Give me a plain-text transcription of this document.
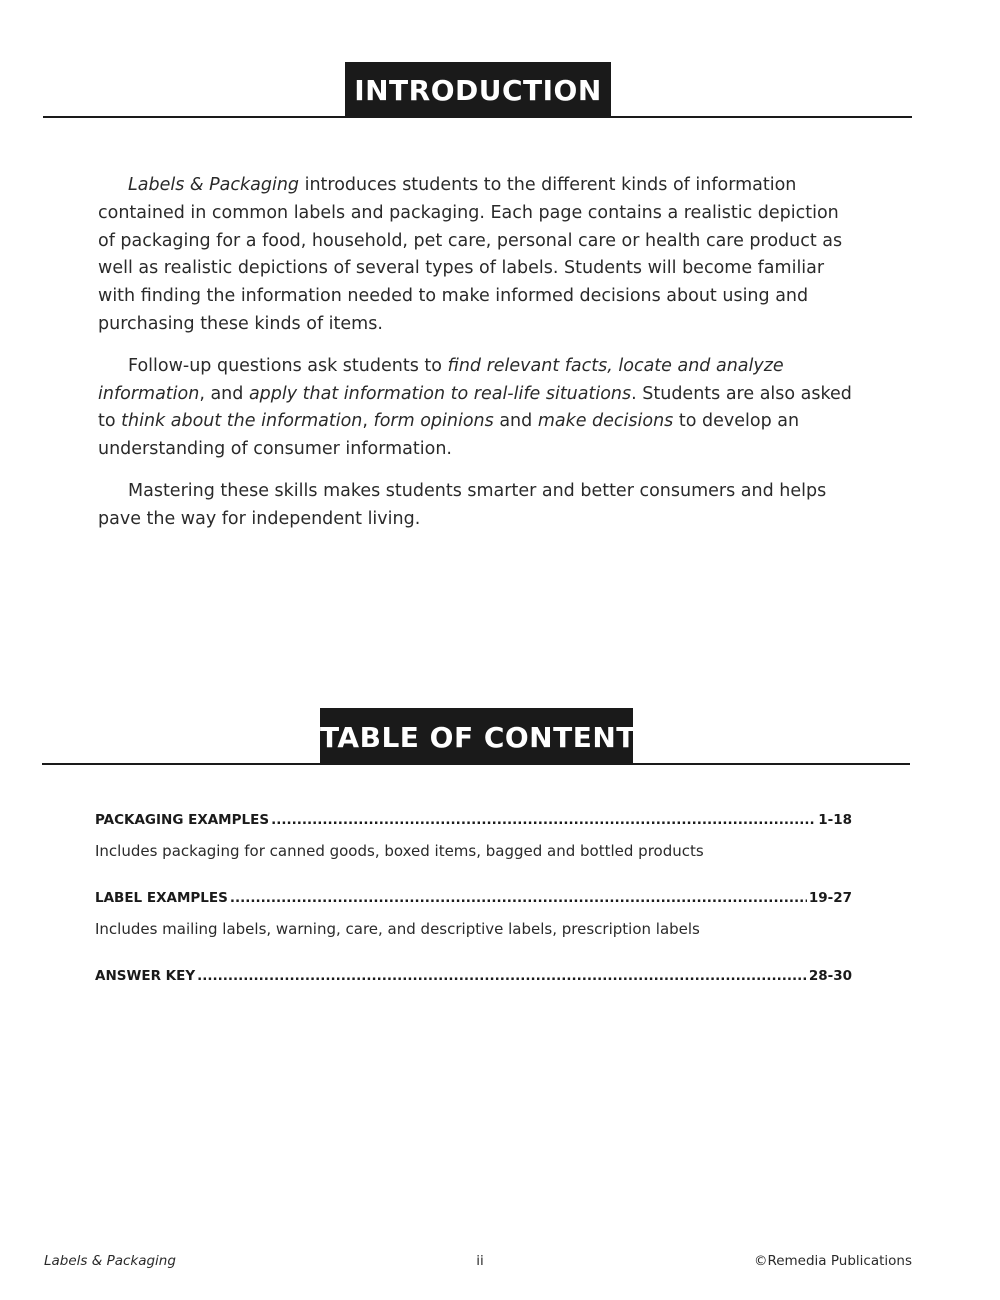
INTRODUCTION

Labels & Packaging introduces students to the different kinds of information contained in common labels and packaging. Each page contains a realistic depiction of packaging for a food, household, pet care, personal care or health care product as well as realistic depictions of several types of labels. Students will become familiar with finding the information needed to make informed decisions about using and purchasing these kinds of items.

Follow-up questions ask students to find relevant facts, locate and analyze information, and apply that information to real-life situations. Students are also asked to think about the information, form opinions and make decisions to develop an understanding of consumer information.

Mastering these skills makes students smarter and better consumers and helps pave the way for independent living.

TABLE OF CONTENT
PACKAGING EXAMPLES .....	1-18
Includes packaging for canned goods, boxed items, bagged and bottled products
LABEL EXAMPLES .....	19-27
Includes mailing labels, warning, care, and descriptive labels, prescription labels
ANSWER KEY .....	28-30
ii
Labels & Packaging	©Remedia Publications
